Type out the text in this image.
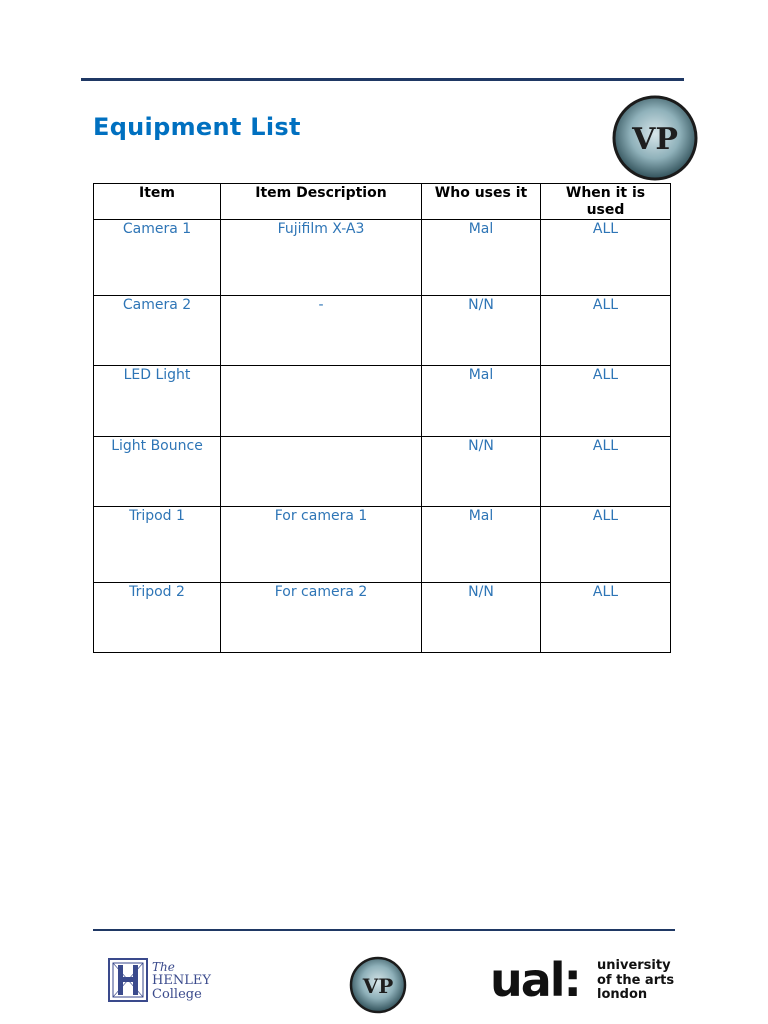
Equipment List	VP
Item	Item Description	Who uses it	When it is used
Camera 1	Fujifilm X-A3	Mal	ALL
Camera 2	-	N/N	ALL
LED Light		Mal	ALL
Light Bounce		N/N	ALL
Tripod 1	For camera 1	Mal	ALL
Tripod 2	For camera 2	N/N	ALL
The
HENLEY
College	VP ual: university
of the arts
london
